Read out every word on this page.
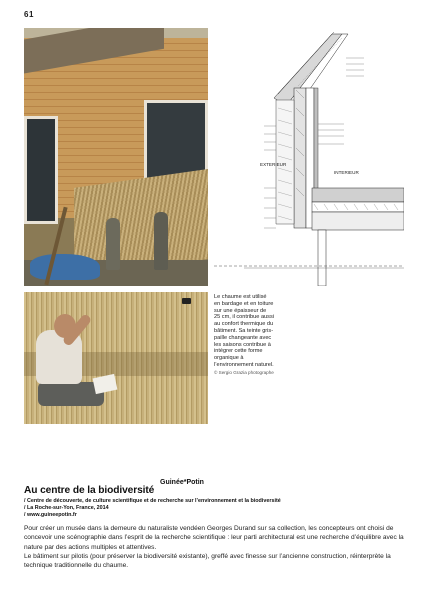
61
EXTERIEUR
INTERIEUR
Le chaume est utilisé en bardage et en toiture sur une épaisseur de 25 cm, il contribue aussi au confort thermique du bâtiment. Sa teinte gris-paille changeante avec les saisons contribue à intégrer cette forme organique à l’environnement naturel.
© Sergio Grazia photographe
Guinée*Potin
Au centre de la biodiversité
/ Centre de découverte, de culture scientifique et de recherche sur l’environnement et la biodiversité
/ La Roche-sur-Yon, France, 2014
/ www.guineepotin.fr

Pour créer un musée dans la demeure du naturaliste vendéen Georges Durand sur sa collection, les concepteurs ont choisi de concevoir une scénographie dans l’esprit de la recherche scientifique : leur parti architectural est une recherche d’équilibre avec la nature par des actions multiples et attentives.

Le bâtiment sur pilotis (pour préserver la biodiversité existante), greffé avec finesse sur l’ancienne construction, réinterprète la technique traditionnelle du chaume.
